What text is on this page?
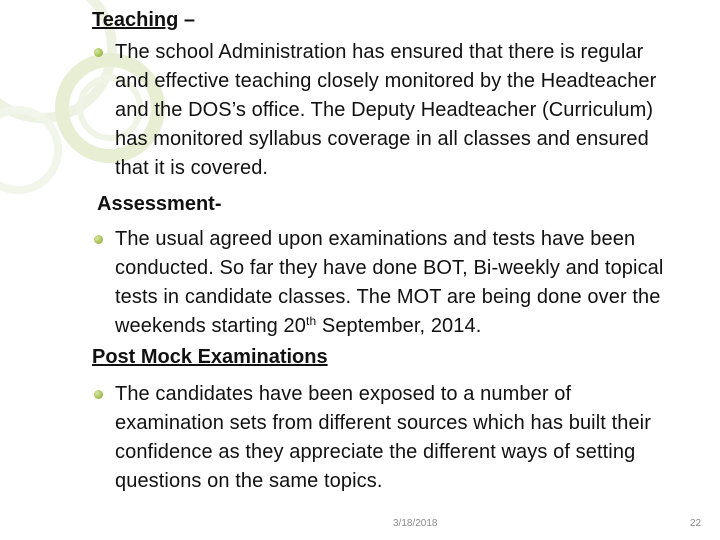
Teaching –
The school Administration has ensured that there is regular
and effective teaching closely monitored by the Headteacher
and the DOS’s office. The Deputy Headteacher (Curriculum)
has monitored syllabus coverage in all classes and ensured
that it is covered.
Assessment-
The usual agreed upon examinations and tests have been
conducted. So far they have done BOT, Bi-weekly and topical
tests in candidate classes. The MOT are being done over the
weekends starting 20th September, 2014.
Post Mock Examinations
The candidates have been exposed to a number of
examination sets from different sources which has built their
confidence as they appreciate the different ways of setting
questions on the same topics.
3/18/2018	22
